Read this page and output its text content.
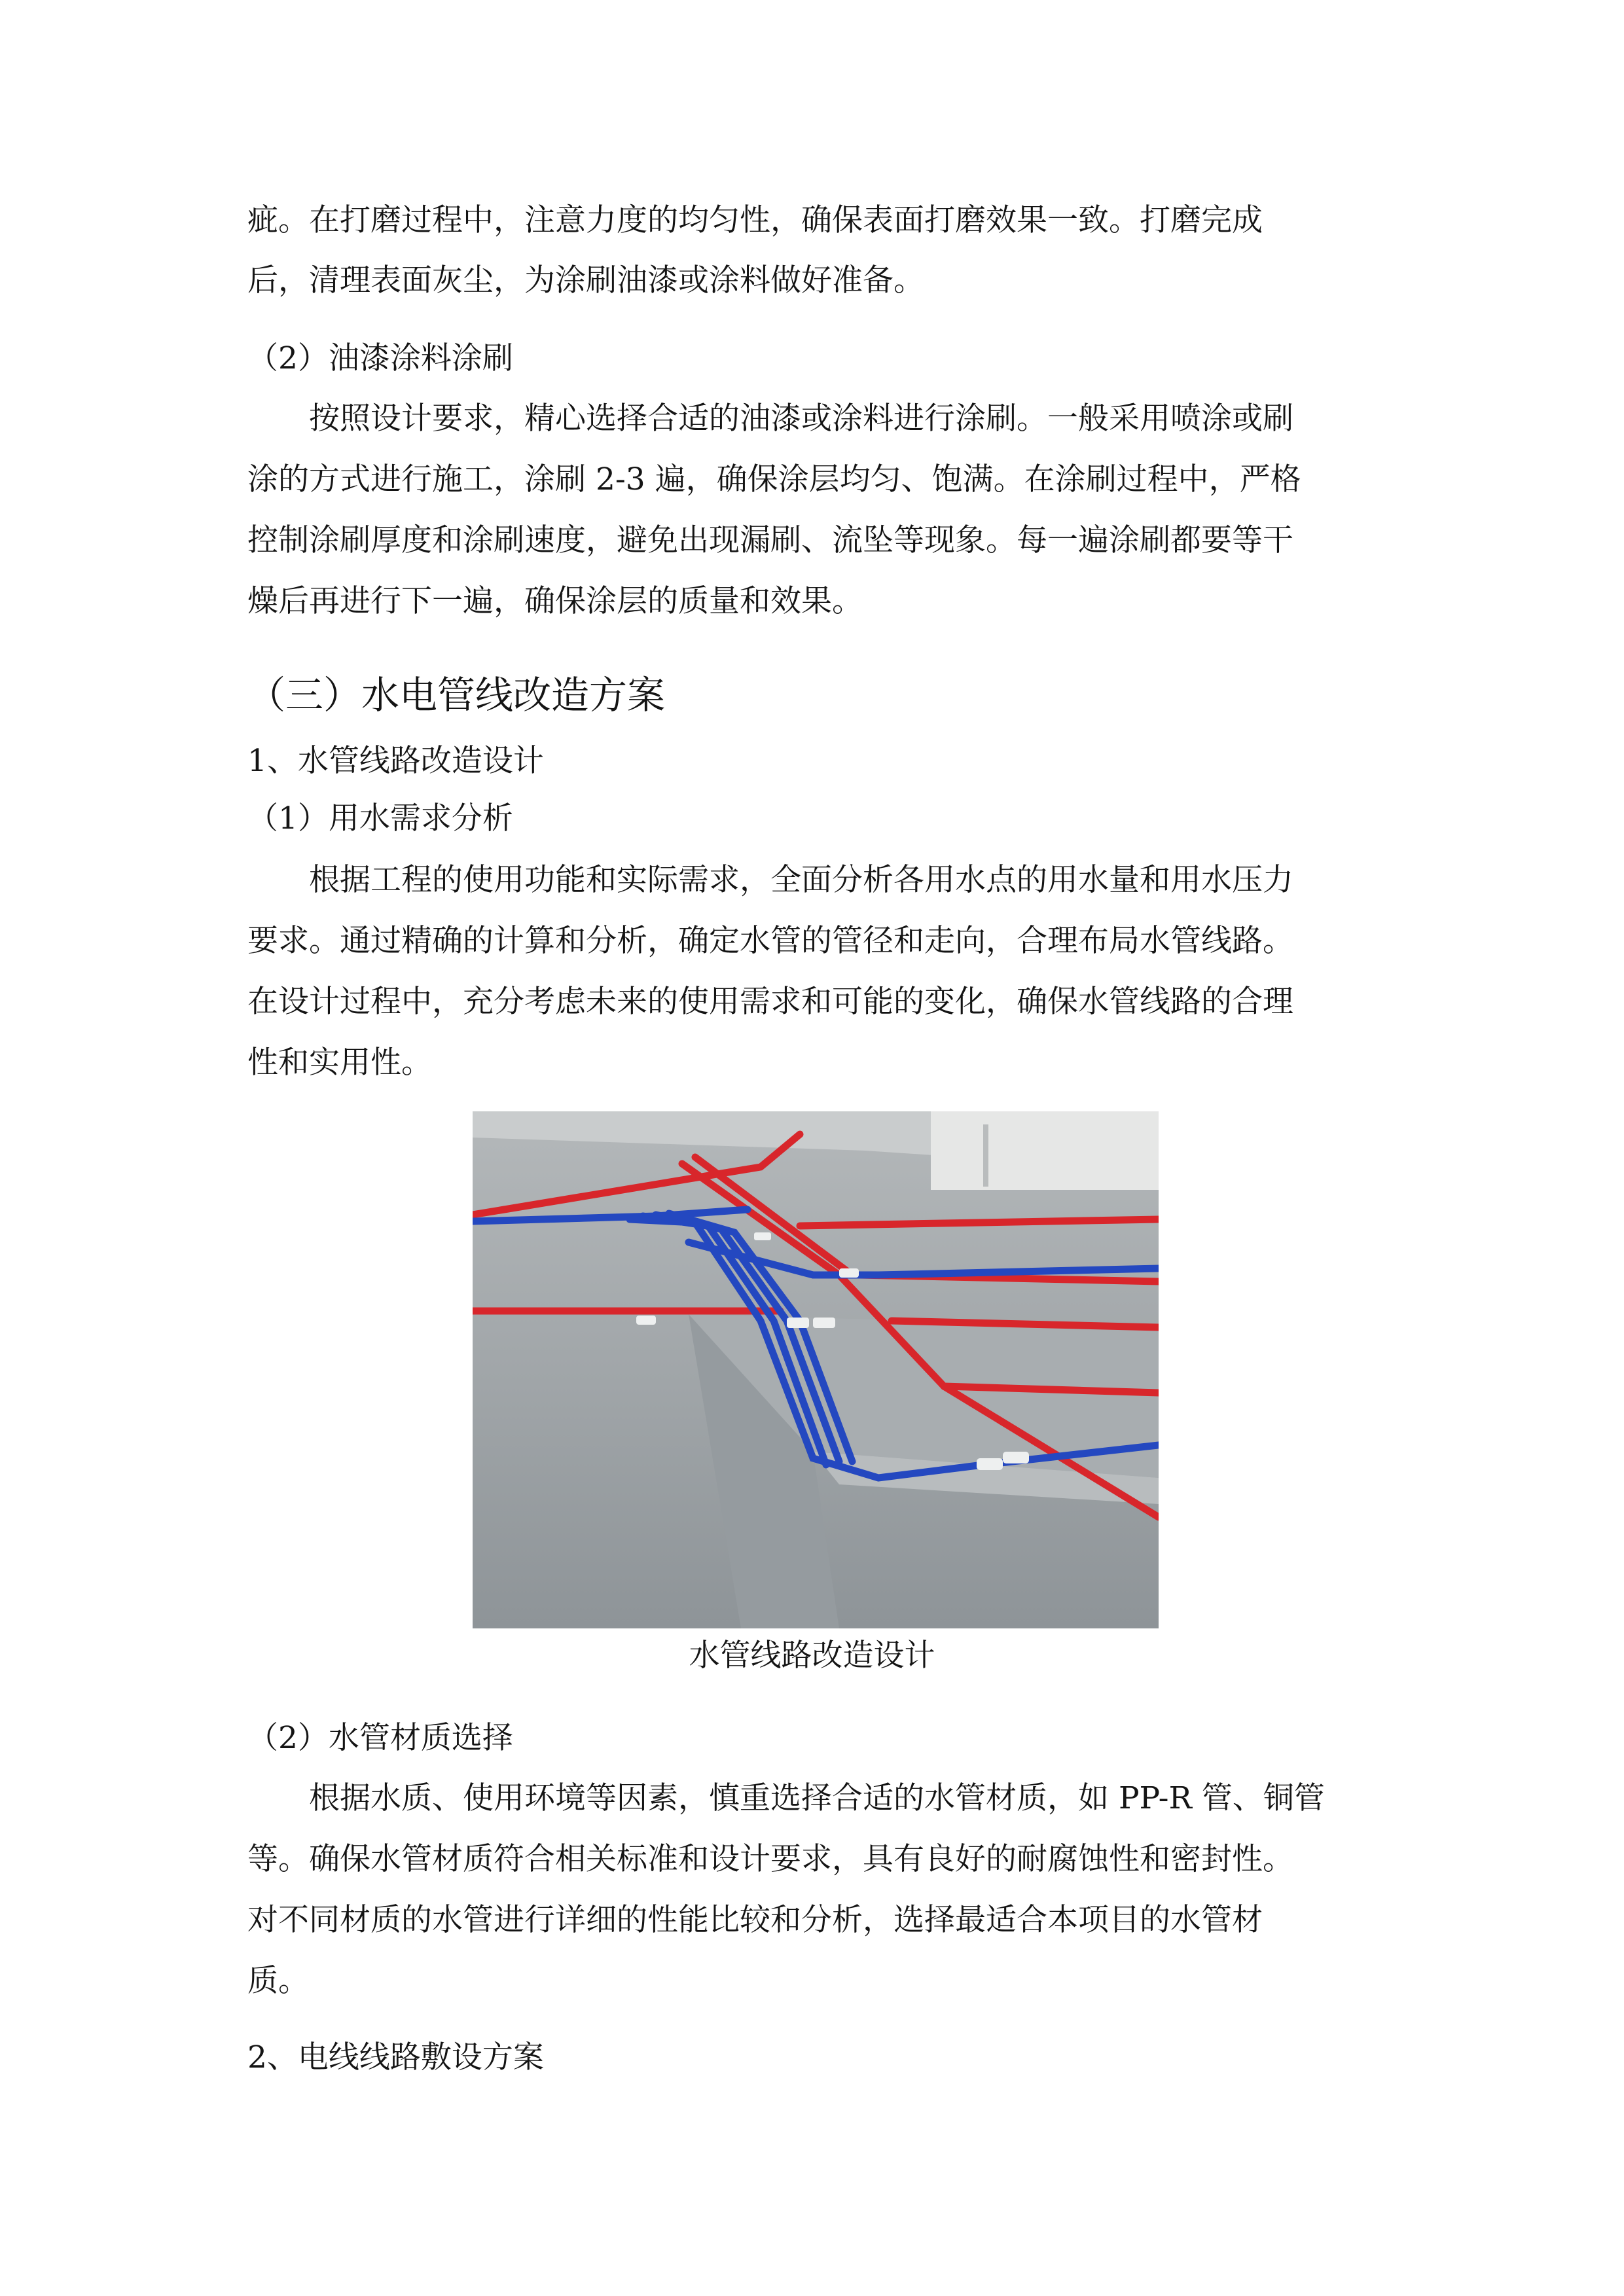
疵。在打磨过程中，注意力度的均匀性，确保表面打磨效果一致。打磨完成
后，清理表面灰尘，为涂刷油漆或涂料做好准备。
（2）油漆涂料涂刷
按照设计要求，精心选择合适的油漆或涂料进行涂刷。一般采用喷涂或刷
涂的方式进行施工，涂刷 2-3 遍，确保涂层均匀、饱满。在涂刷过程中，严格
控制涂刷厚度和涂刷速度，避免出现漏刷、流坠等现象。每一遍涂刷都要等干
燥后再进行下一遍，确保涂层的质量和效果。
（三）水电管线改造方案
1、水管线路改造设计
（1）用水需求分析
根据工程的使用功能和实际需求，全面分析各用水点的用水量和用水压力
要求。通过精确的计算和分析，确定水管的管径和走向，合理布局水管线路。
在设计过程中，充分考虑未来的使用需求和可能的变化，确保水管线路的合理
性和实用性。
水管线路改造设计
（2）水管材质选择
根据水质、使用环境等因素，慎重选择合适的水管材质，如 PP-R 管、铜管
等。确保水管材质符合相关标准和设计要求，具有良好的耐腐蚀性和密封性。
对不同材质的水管进行详细的性能比较和分析，选择最适合本项目的水管材
质。
2、电线线路敷设方案
